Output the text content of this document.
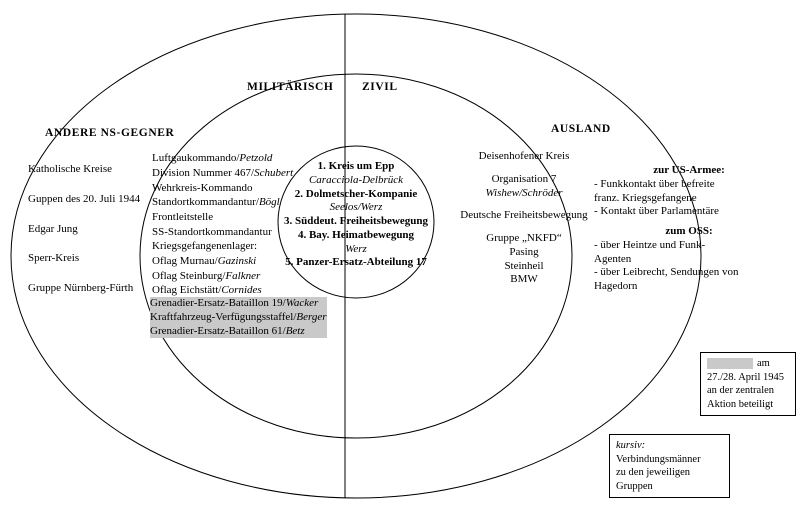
MILITÄRISCH ZIVIL
ANDERE NS-GEGNER	AUSLAND
Katholische Kreise
Guppen des 20. Juli 1944
Edgar Jung
Sperr-Kreis
Gruppe Nürnberg-Fürth
Luftgaukommando/Petzold
Division Nummer 467/Schubert
Wehrkreis-Kommando
Standortkommandantur/Bögl
Frontleitstelle
SS-Standortkommandantur
Kriegsgefangenenlager:
Oflag Murnau/Gazinski
Oflag Steinburg/Falkner
Oflag Eichstätt/Cornides
Grenadier-Ersatz-Bataillon 19/Wacker
Kraftfahrzeug-Verfügungsstaffel/Berger
Grenadier-Ersatz-Bataillon 61/Betz
1. Kreis um Epp
Caracciola-Delbrück
2. Dolmetscher-Kompanie
Seelos/Werz
3. Süddeut. Freiheitsbewegung
4. Bay. Heimatbewegung
Werz
5. Panzer-Ersatz-Abteilung 17
Deisenhofener Kreis
Organisation 7
Wishew/Schröder
Deutsche Freiheitsbewegung
Gruppe „NKFD“
Pasing
Steinheil
BMW
zur US-Armee:
- Funkkontakt über befreite
franz. Kriegsgefangene
- Kontakt über Parlamentäre
zum OSS:
- über Heintze und Funk-
Agenten
- über Leibrecht, Sendungen von
Hagedorn
am
27./28. April 1945
an der zentralen
Aktion beteiligt
kursiv:
Verbindungsmänner
zu den jeweiligen
Gruppen
